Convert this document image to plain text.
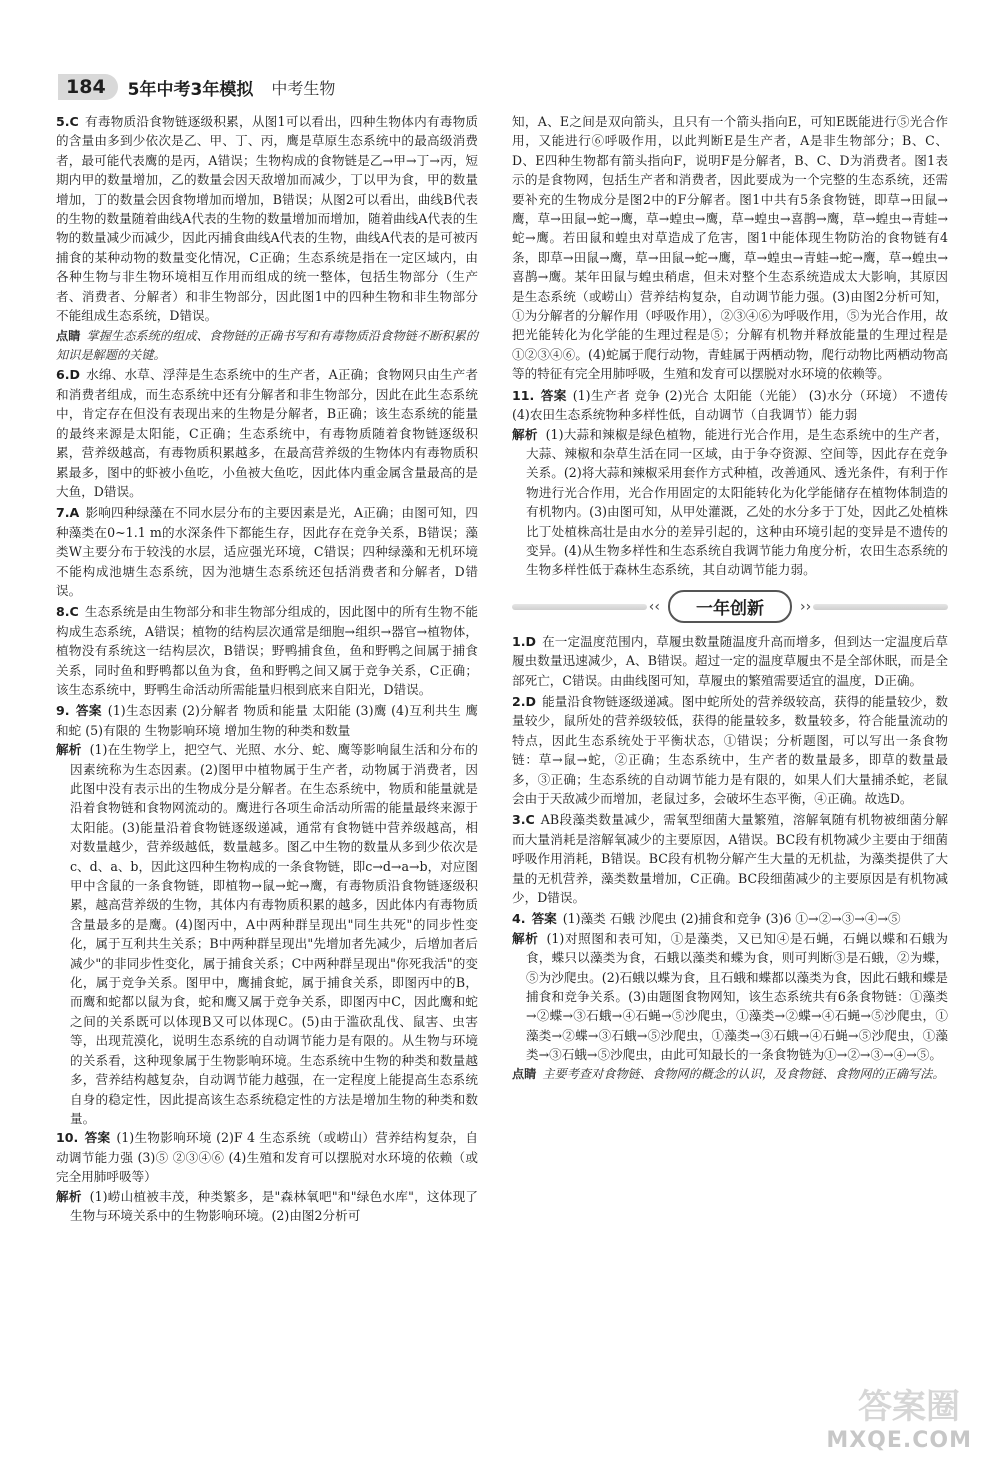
184	5年中考3年模拟 中考生物
5.C 有毒物质沿食物链逐级积累，从图1可以看出，四种生物体内有毒物质的含量由多到少依次是乙、甲、丁、丙，鹰是草原生态系统中的最高级消费者，最可能代表鹰的是丙，A错误；生物构成的食物链是乙→甲→丁→丙，短期内甲的数量增加，乙的数量会因天敌增加而减少，丁以甲为食，甲的数量增加，丁的数量会因食物增加而增加，B错误；从图2可以看出，曲线B代表的生物的数量随着曲线A代表的生物的数量增加而增加，随着曲线A代表的生物的数量减少而减少，因此丙捕食曲线A代表的生物，曲线A代表的是可被丙捕食的某种动物的数量变化情况，C正确；生态系统是指在一定区域内，由各种生物与非生物环境相互作用而组成的统一整体，包括生物部分（生产者、消费者、分解者）和非生物部分，因此图1中的四种生物和非生物部分不能组成生态系统，D错误。
点睛 掌握生态系统的组成、食物链的正确书写和有毒物质沿食物链不断积累的知识是解题的关键。
6.D 水绵、水草、浮萍是生态系统中的生产者，A正确；食物网只由生产者和消费者组成，而生态系统中还有分解者和非生物部分，因此在此生态系统中，肯定存在但没有表现出来的生物是分解者，B正确；该生态系统的能量的最终来源是太阳能，C正确；生态系统中，有毒物质随着食物链逐级积累，营养级越高，有毒物质积累越多，在最高营养级的生物体内有毒物质积累最多，图中的虾被小鱼吃，小鱼被大鱼吃，因此体内重金属含量最高的是大鱼，D错误。
7.A 影响四种绿藻在不同水层分布的主要因素是光，A正确；由图可知，四种藻类在0~1.1 m的水深条件下都能生存，因此存在竞争关系，B错误；藻类W主要分布于较浅的水层，适应强光环境，C错误；四种绿藻和无机环境不能构成池塘生态系统，因为池塘生态系统还包括消费者和分解者，D错误。
8.C 生态系统是由生物部分和非生物部分组成的，因此图中的所有生物不能构成生态系统，A错误；植物的结构层次通常是细胞→组织→器官→植物体，植物没有系统这一结构层次，B错误；野鸭捕食鱼，鱼和野鸭之间属于捕食关系，同时鱼和野鸭都以鱼为食，鱼和野鸭之间又属于竞争关系，C正确；该生态系统中，野鸭生命活动所需能量归根到底来自阳光，D错误。
9. 答案 (1)生态因素 (2)分解者 物质和能量 太阳能 (3)鹰 (4)互利共生 鹰和蛇 (5)有限的 生物影响环境 增加生物的种类和数量
解析 (1)在生物学上，把空气、光照、水分、蛇、鹰等影响鼠生活和分布的因素统称为生态因素。(2)图甲中植物属于生产者，动物属于消费者，因此图中没有表示出的生物成分是分解者。在生态系统中，物质和能量就是沿着食物链和食物网流动的。鹰进行各项生命活动所需的能量最终来源于太阳能。(3)能量沿着食物链逐级递减，通常有食物链中营养级越高，相对数量越少，营养级越低，数量越多。图乙中生物的数量从多到少依次是c、d、a、b，因此这四种生物构成的一条食物链，即c→d→a→b，对应图甲中含鼠的一条食物链，即植物→鼠→蛇→鹰，有毒物质沿食物链逐级积累，越高营养级的生物，其体内有毒物质积累的越多，因此体内有毒物质含量最多的是鹰。(4)图丙中，A中两种群呈现出"同生共死"的同步性变化，属于互利共生关系；B中两种群呈现出"先增加者先减少，后增加者后减少"的非同步性变化，属于捕食关系；C中两种群呈现出"你死我活"的变化，属于竞争关系。图甲中，鹰捕食蛇，属于捕食关系，即图丙中的B，而鹰和蛇都以鼠为食，蛇和鹰又属于竞争关系，即图丙中C，因此鹰和蛇之间的关系既可以体现B又可以体现C。(5)由于滥砍乱伐、鼠害、虫害等，出现荒漠化，说明生态系统的自动调节能力是有限的。从生物与环境的关系看，这种现象属于生物影响环境。生态系统中生物的种类和数量越多，营养结构越复杂，自动调节能力越强，在一定程度上能提高生态系统自身的稳定性，因此提高该生态系统稳定性的方法是增加生物的种类和数量。
10. 答案 (1)生物影响环境 (2)F 4 生态系统（或崂山）营养结构复杂，自动调节能力强 (3)⑤ ②③④⑥ (4)生殖和发育可以摆脱对水环境的依赖（或完全用肺呼吸等）
解析 (1)崂山植被丰茂，种类繁多，是"森林氧吧"和"绿色水库"，这体现了生物与环境关系中的生物影响环境。(2)由图2分析可
知，A、E之间是双向箭头，且只有一个箭头指向E，可知E既能进行⑤光合作用，又能进行⑥呼吸作用，以此判断E是生产者，A是非生物部分；B、C、D、E四种生物都有箭头指向F，说明F是分解者，B、C、D为消费者。图1表示的是食物网，包括生产者和消费者，因此要成为一个完整的生态系统，还需要补充的生物成分是图2中的F分解者。图1中共有5条食物链，即草→田鼠→鹰，草→田鼠→蛇→鹰，草→蝗虫→鹰，草→蝗虫→喜鹊→鹰，草→蝗虫→青蛙→蛇→鹰。若田鼠和蝗虫对草造成了危害，图1中能体现生物防治的食物链有4条，即草→田鼠→鹰，草→田鼠→蛇→鹰，草→蝗虫→青蛙→蛇→鹰，草→蝗虫→喜鹊→鹰。某年田鼠与蝗虫稍虐，但未对整个生态系统造成太大影响，其原因是生态系统（或崂山）营养结构复杂，自动调节能力强。(3)由图2分析可知，①为分解者的分解作用（呼吸作用），②③④⑥为呼吸作用，⑤为光合作用，故把光能转化为化学能的生理过程是⑤；分解有机物并释放能量的生理过程是①②③④⑥。(4)蛇属于爬行动物，青蛙属于两栖动物，爬行动物比两栖动物高等的特征有完全用肺呼吸，生殖和发育可以摆脱对水环境的依赖等。
11. 答案 (1)生产者 竞争 (2)光合 太阳能（光能） (3)水分（环境） 不遗传 (4)农田生态系统物种多样性低，自动调节（自我调节）能力弱
解析 (1)大蒜和辣椒是绿色植物，能进行光合作用，是生态系统中的生产者，大蒜、辣椒和杂草生活在同一区域，由于争夺资源、空间等，因此存在竞争关系。(2)将大蒜和辣椒采用套作方式种植，改善通风、透光条件，有利于作物进行光合作用，光合作用固定的太阳能转化为化学能储存在植物体制造的有机物内。(3)由图可知，从甲处灌溉，乙处的水分多于丁处，因此乙处植株比丁处植株高壮是由水分的差异引起的，这种由环境引起的变异是不遗传的变异。(4)从生物多样性和生态系统自我调节能力角度分析，农田生态系统的生物多样性低于森林生态系统，其自动调节能力弱。
‹‹	一年创新	››
1.D 在一定温度范围内，草履虫数量随温度升高而增多，但到达一定温度后草履虫数量迅速减少，A、B错误。超过一定的温度草履虫不是全部休眠，而是全部死亡，C错误。由曲线图可知，草履虫的繁殖需要适宜的温度，D正确。
2.D 能量沿食物链逐级递减。图中蛇所处的营养级较高，获得的能量较少，数量较少，鼠所处的营养级较低，获得的能量较多，数量较多，符合能量流动的特点，因此生态系统处于平衡状态，①错误；分析题图，可以写出一条食物链：草→鼠→蛇，②正确；生态系统中，生产者的数量最多，即草的数量最多，③正确；生态系统的自动调节能力是有限的，如果人们大量捕杀蛇，老鼠会由于天敌减少而增加，老鼠过多，会破坏生态平衡，④正确。故选D。
3.C AB段藻类数量减少，需氧型细菌大量繁殖，溶解氧随有机物被细菌分解而大量消耗是溶解氧减少的主要原因，A错误。BC段有机物减少主要由于细菌呼吸作用消耗，B错误。BC段有机物分解产生大量的无机盐，为藻类提供了大量的无机营养，藻类数量增加，C正确。BC段细菌减少的主要原因是有机物减少，D错误。
4. 答案 (1)藻类 石蛾 沙爬虫 (2)捕食和竞争 (3)6 ①→②→③→④→⑤
解析 (1)对照图和表可知，①是藻类，又已知④是石蝇，石蝇以蝶和石蛾为食，蝶只以藻类为食，石蛾以藻类和蝶为食，则可判断③是石蛾，②为蝶，⑤为沙爬虫。(2)石蛾以蝶为食，且石蛾和蝶都以藻类为食，因此石蛾和蝶是捕食和竞争关系。(3)由题图食物网知，该生态系统共有6条食物链：①藻类→②蝶→③石蛾→④石蝇→⑤沙爬虫，①藻类→②蝶→④石蝇→⑤沙爬虫，①藻类→②蝶→③石蛾→⑤沙爬虫，①藻类→③石蛾→④石蝇→⑤沙爬虫，①藻类→③石蛾→⑤沙爬虫，由此可知最长的一条食物链为①→②→③→④→⑤。
点睛 主要考查对食物链、食物网的概念的认识，及食物链、食物网的正确写法。
答案圈
MXQE.COM
